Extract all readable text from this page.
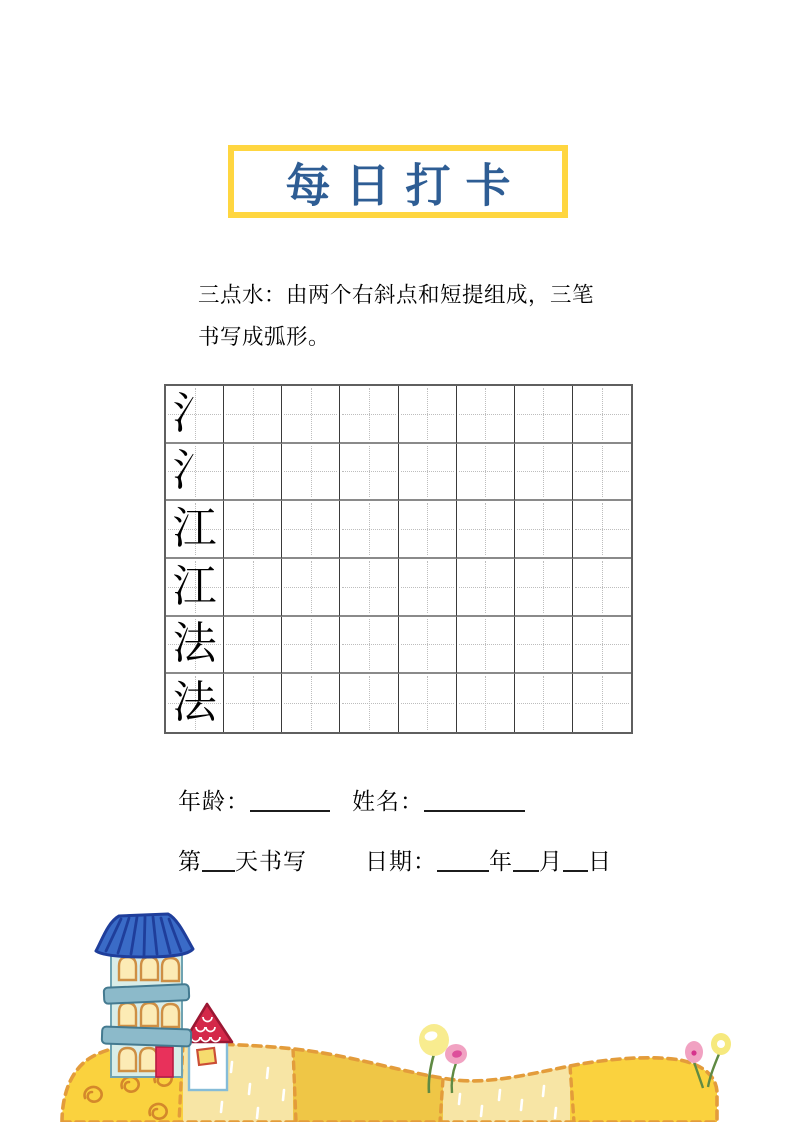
每日打卡
三点水：由两个右斜点和短提组成，三笔
书写成弧形。
氵
氵
江
江
法
法
年龄：	姓名：
第 天书写	日期： 年 月 日
